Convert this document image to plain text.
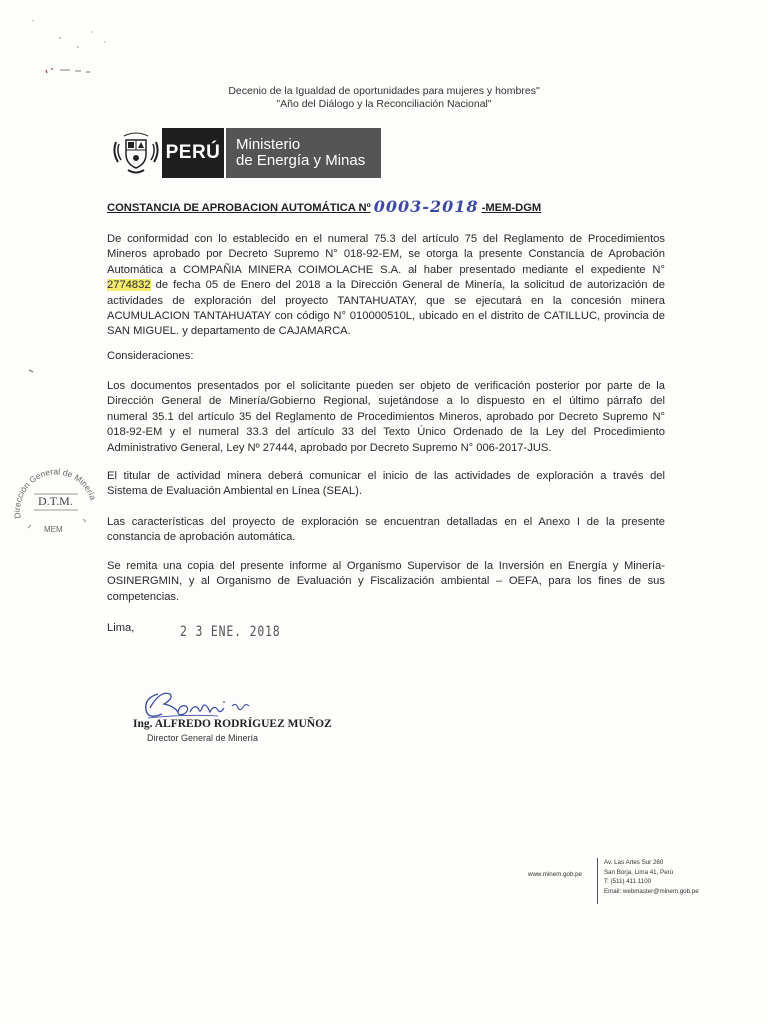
Decenio de la Igualdad de oportunidades para mujeres y hombres"
"Año del Diálogo y la Reconciliación Nacional"
PERÚ Ministerio
de Energía y Minas
CONSTANCIA DE APROBACION AUTOMÁTICA Nº 0003-2018 -MEM-DGM
De conformidad con lo establecido en el numeral 75.3 del artículo 75 del Reglamento de Procedimientos
Mineros aprobado por Decreto Supremo N° 018-92-EM, se otorga la presente Constancia de Aprobación
Automática a COMPAÑIA MINERA COIMOLACHE S.A. al haber presentado mediante el expediente N°
2774832 de fecha 05 de Enero del 2018 a la Dirección General de Minería, la solicitud de autorización de
actividades de exploración del proyecto TANTAHUATAY, que se ejecutará en la concesión minera
ACUMULACION TANTAHUATAY con código N° 010000510L, ubicado en el distrito de CATILLUC, provincia de
SAN MIGUEL. y departamento de CAJAMARCA.
Consideraciones:
Los documentos presentados por el solicitante pueden ser objeto de verificación posterior por parte de la
Dirección General de Minería/Gobierno Regional, sujetándose a lo dispuesto en el último párrafo del
numeral 35.1 del artículo 35 del Reglamento de Procedimientos Mineros, aprobado por Decreto Supremo N°
018-92-EM y el numeral 33.3 del artículo 33 del Texto Único Ordenado de la Ley del Procedimiento
Administrativo General, Ley Nº 27444, aprobado por Decreto Supremo N° 006-2017-JUS.
El titular de actividad minera deberá comunicar el inicio de las actividades de exploración a través del
Sistema de Evaluación Ambiental en Línea (SEAL).
Las características del proyecto de exploración se encuentran detalladas en el Anexo I de la presente
constancia de aprobación automática.
Se remita una copia del presente informe al Organismo Supervisor de la Inversión en Energía y Minería-
OSINERGMIN, y al Organismo de Evaluación y Fiscalización ambiental – OEFA, para los fines de sus
competencias.
Lima,	2 3 ENE. 2018
Ing. ALFREDO RODRÍGUEZ MUÑOZ
Director General de Minería
Dirección General de Minería
D.T.M.
MEM
www.minem.gob.pe
Av. Las Artes Sur 260
San Borja, Lima 41, Perú
T: (511) 411 1100
Email: webmaster@minem.gob.pe
